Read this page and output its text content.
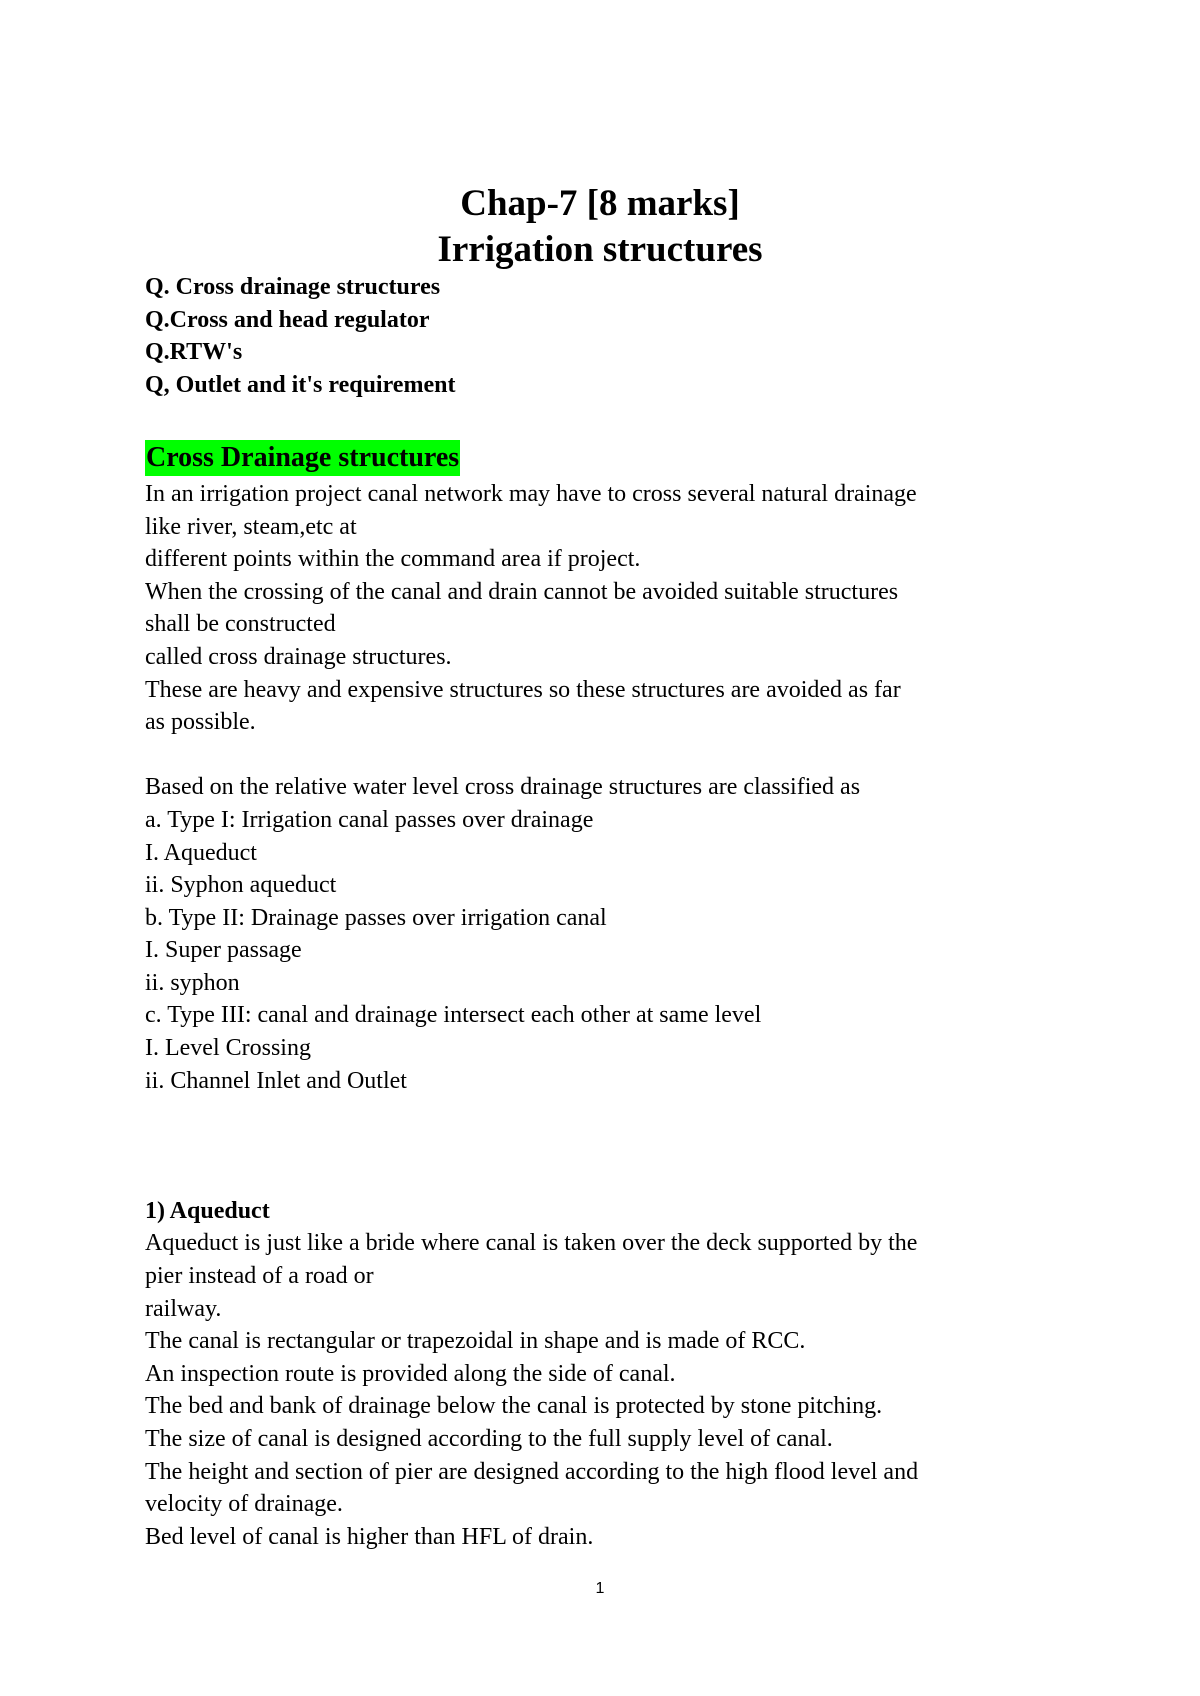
Chap-7 [8 marks]
Irrigation structures

Q. Cross drainage structures

Q.Cross and head regulator

Q.RTW's

Q, Outlet and it's requirement

Cross Drainage structures

In an irrigation project canal network may have to cross several natural drainage

like river, steam,etc at

different points within the command area if project.

When the crossing of the canal and drain cannot be avoided suitable structures

shall be constructed

called cross drainage structures.

These are heavy and expensive structures so these structures are avoided as far

as possible.

Based on the relative water level cross drainage structures are classified as

a. Type I: Irrigation canal passes over drainage

I. Aqueduct

ii. Syphon aqueduct

b. Type II: Drainage passes over irrigation canal

I. Super passage

ii. syphon

c. Type III: canal and drainage intersect each other at same level

I. Level Crossing

ii. Channel Inlet and Outlet

1) Aqueduct

Aqueduct is just like a bride where canal is taken over the deck supported by the

pier instead of a road or

railway.

The canal is rectangular or trapezoidal in shape and is made of RCC.

An inspection route is provided along the side of canal.

The bed and bank of drainage below the canal is protected by stone pitching.

The size of canal is designed according to the full supply level of canal.

The height and section of pier are designed according to the high flood level and

velocity of drainage.

Bed level of canal is higher than HFL of drain.

1
